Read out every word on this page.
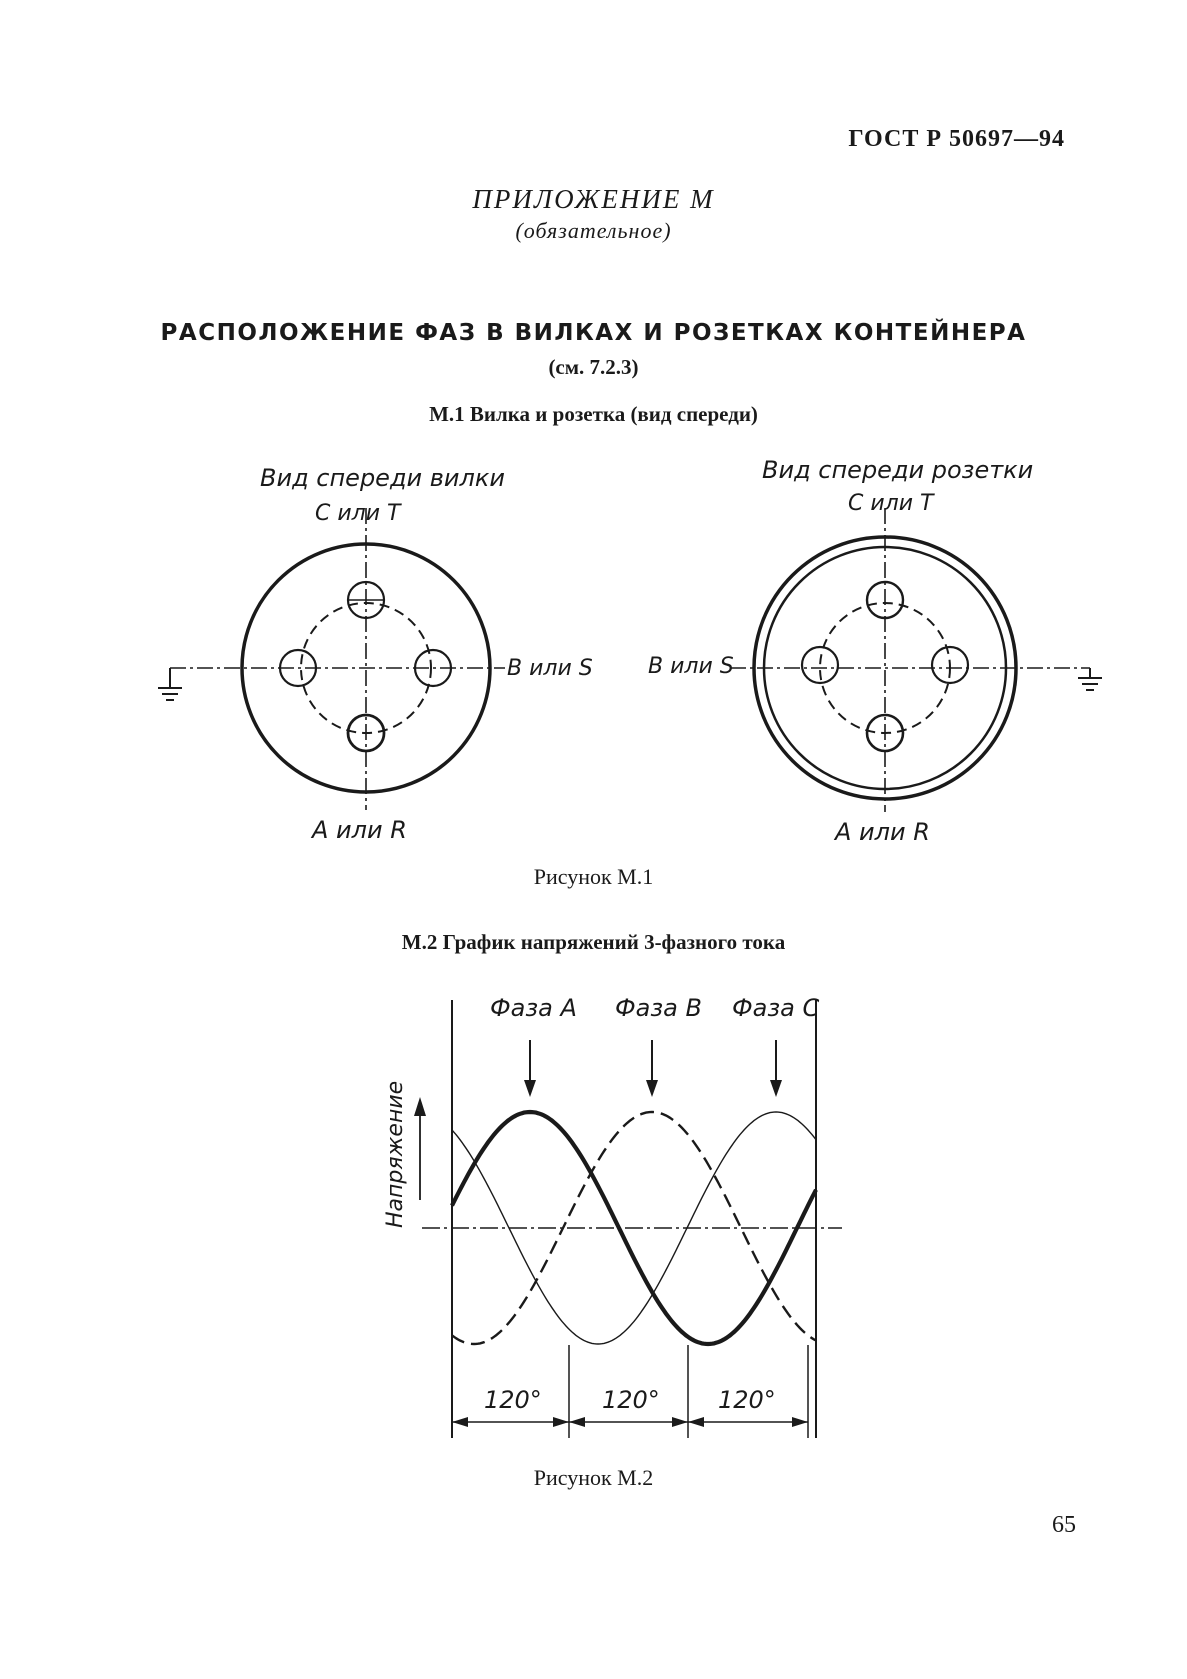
ГОСТ Р 50697—94
ПРИЛОЖЕНИЕ М
(обязательное)
РАСПОЛОЖЕНИЕ ФАЗ В ВИЛКАХ И РОЗЕТКАХ КОНТЕЙНЕРА
(см. 7.2.3)
М.1 Вилка и розетка (вид спереди)
Рисунок М.1
М.2 График напряжений 3-фазного тока
Рисунок М.2
65
Вид спереди вилки
С или Т
В или S
А или R
Вид спереди розетки
С или Т
В или S
А или R
Фаза А Фаза В Фаза С
Напряжение
120°	120° 120°
